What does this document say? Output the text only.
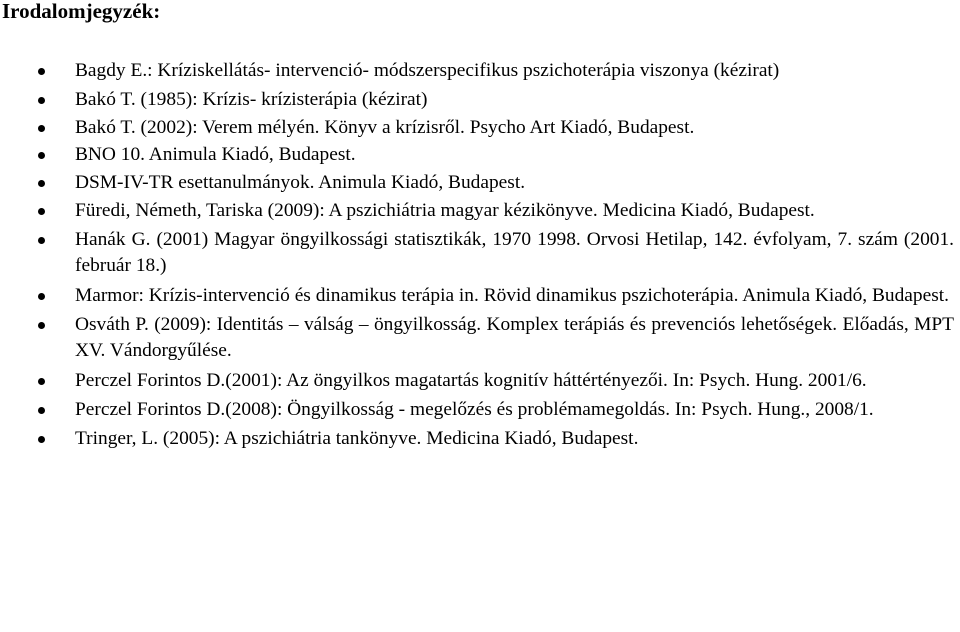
Irodalomjegyzék:
Bagdy E.: Kríziskellátás- intervenció- módszerspecifikus pszichoterápia viszonya (kézirat)
Bakó T. (1985): Krízis- krízisterápia (kézirat)
Bakó T. (2002): Verem mélyén. Könyv a krízisről. Psycho Art Kiadó, Budapest.
BNO 10. Animula Kiadó, Budapest.
DSM-IV-TR esettanulmányok. Animula Kiadó, Budapest.
Füredi, Németh, Tariska (2009): A pszichiátria magyar kézikönyve. Medicina Kiadó, Budapest.
Hanák G. (2001) Magyar öngyilkossági statisztikák, 1970 1998. Orvosi Hetilap, 142. évfolyam, 7. szám (2001. február 18.)
Marmor: Krízis-intervenció és dinamikus terápia in. Rövid dinamikus pszichoterápia. Animula Kiadó, Budapest.
Osváth P. (2009): Identitás – válság – öngyilkosság. Komplex terápiás és prevenciós lehetőségek. Előadás, MPT XV. Vándorgyűlése.
Perczel Forintos D.(2001): Az öngyilkos magatartás kognitív háttértényezői. In: Psych. Hung. 2001/6.
Perczel Forintos D.(2008): Öngyilkosság - megelőzés és problémamegoldás. In: Psych. Hung., 2008/1.
Tringer, L. (2005): A pszichiátria tankönyve. Medicina Kiadó, Budapest.
